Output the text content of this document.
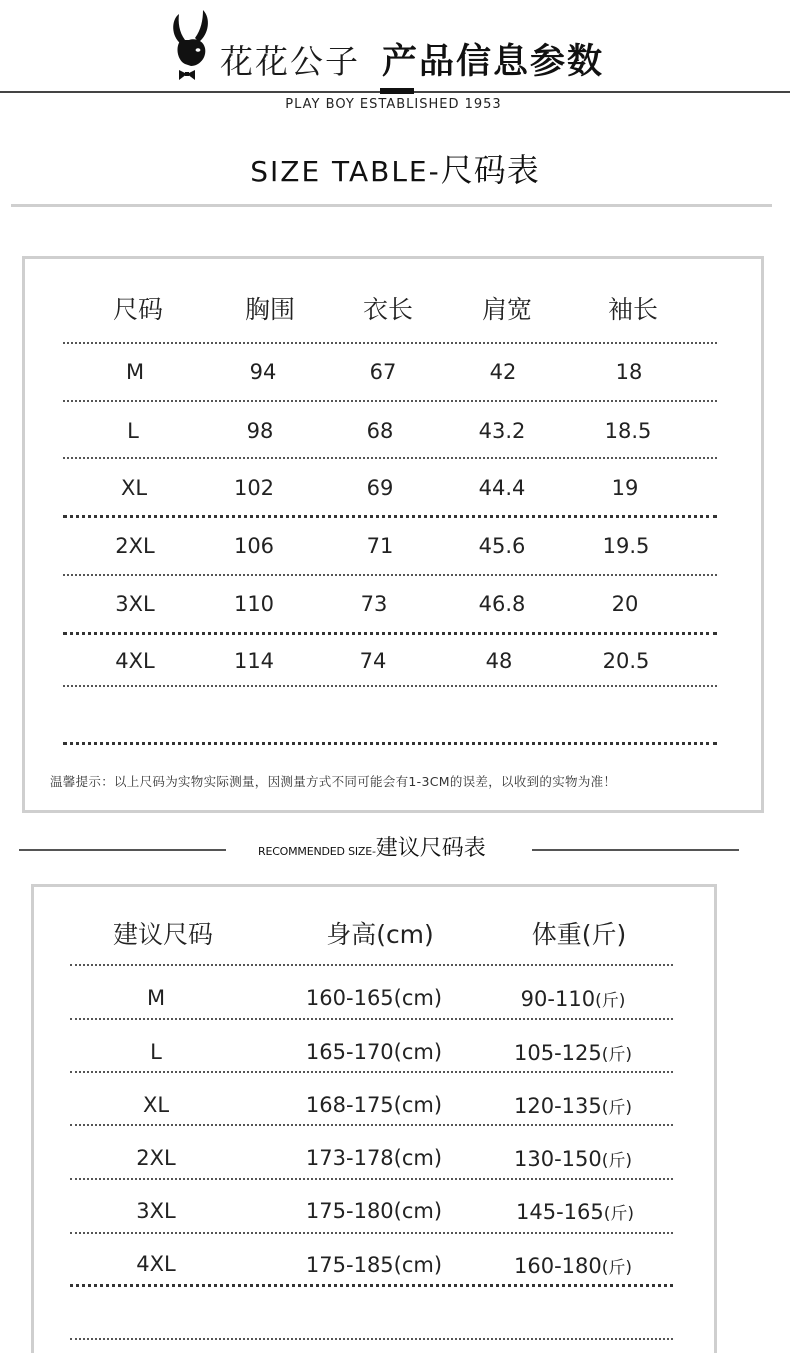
花花公子 产品信息参数
PLAY BOY ESTABLISHED 1953
SIZE TABLE-尺码表
尺码	胸围	衣长	肩宽	袖长
M	94	67	42	18
L	98	68	43.2	18.5
XL	102	69	44.4	19
2XL	106	71	45.6	19.5
3XL	110	73	46.8	20
4XL	114	74	48	20.5
温馨提示：以上尺码为实物实际测量，因测量方式不同可能会有1-3CM的误差，以收到的实物为准！
RECOMMENDED SIZE-建议尺码表
建议尺码	身高(cm)	体重(斤)
M	160-165(cm)	90-110(斤)
L	165-170(cm)	105-125(斤)
XL	168-175(cm)	120-135(斤)
2XL	173-178(cm)	130-150(斤)
3XL	175-180(cm)	145-165(斤)
4XL	175-185(cm)	160-180(斤)
